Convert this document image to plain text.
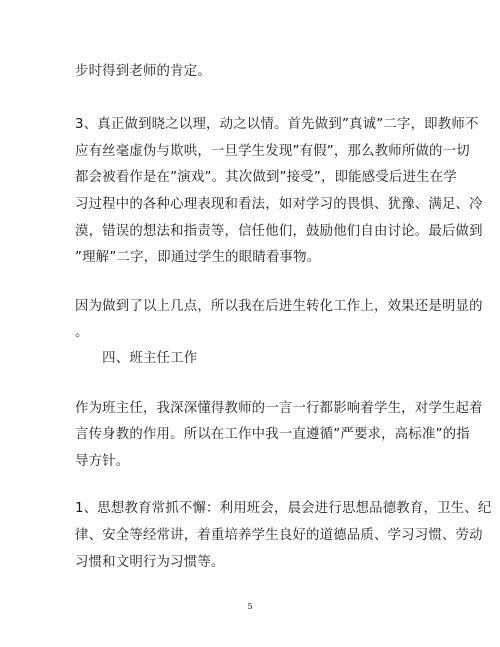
步时得到老师的肯定。
3、真正做到晓之以理，动之以情。首先做到”真诚”二字，即教师不
应有丝毫虚伪与欺哄，一旦学生发现”有假”，那么教师所做的一切
都会被看作是在”演戏”。其次做到”接受”，即能感受后进生在学
习过程中的各种心理表现和看法，如对学习的畏惧、犹豫、满足、冷
漠，错误的想法和指责等，信任他们，鼓励他们自由讨论。最后做到
”理解”二字，即通过学生的眼睛看事物。
因为做到了以上几点，所以我在后进生转化工作上，效果还是明显的
。
　　四、班主任工作
作为班主任，我深深懂得教师的一言一行都影响着学生，对学生起着
言传身教的作用。所以在工作中我一直遵循”严要求，高标准”的指
导方针。
1、思想教育常抓不懈：利用班会，晨会进行思想品德教育，卫生、纪
律、安全等经常讲，着重培养学生良好的道德品质、学习习惯、劳动
习惯和文明行为习惯等。
5
